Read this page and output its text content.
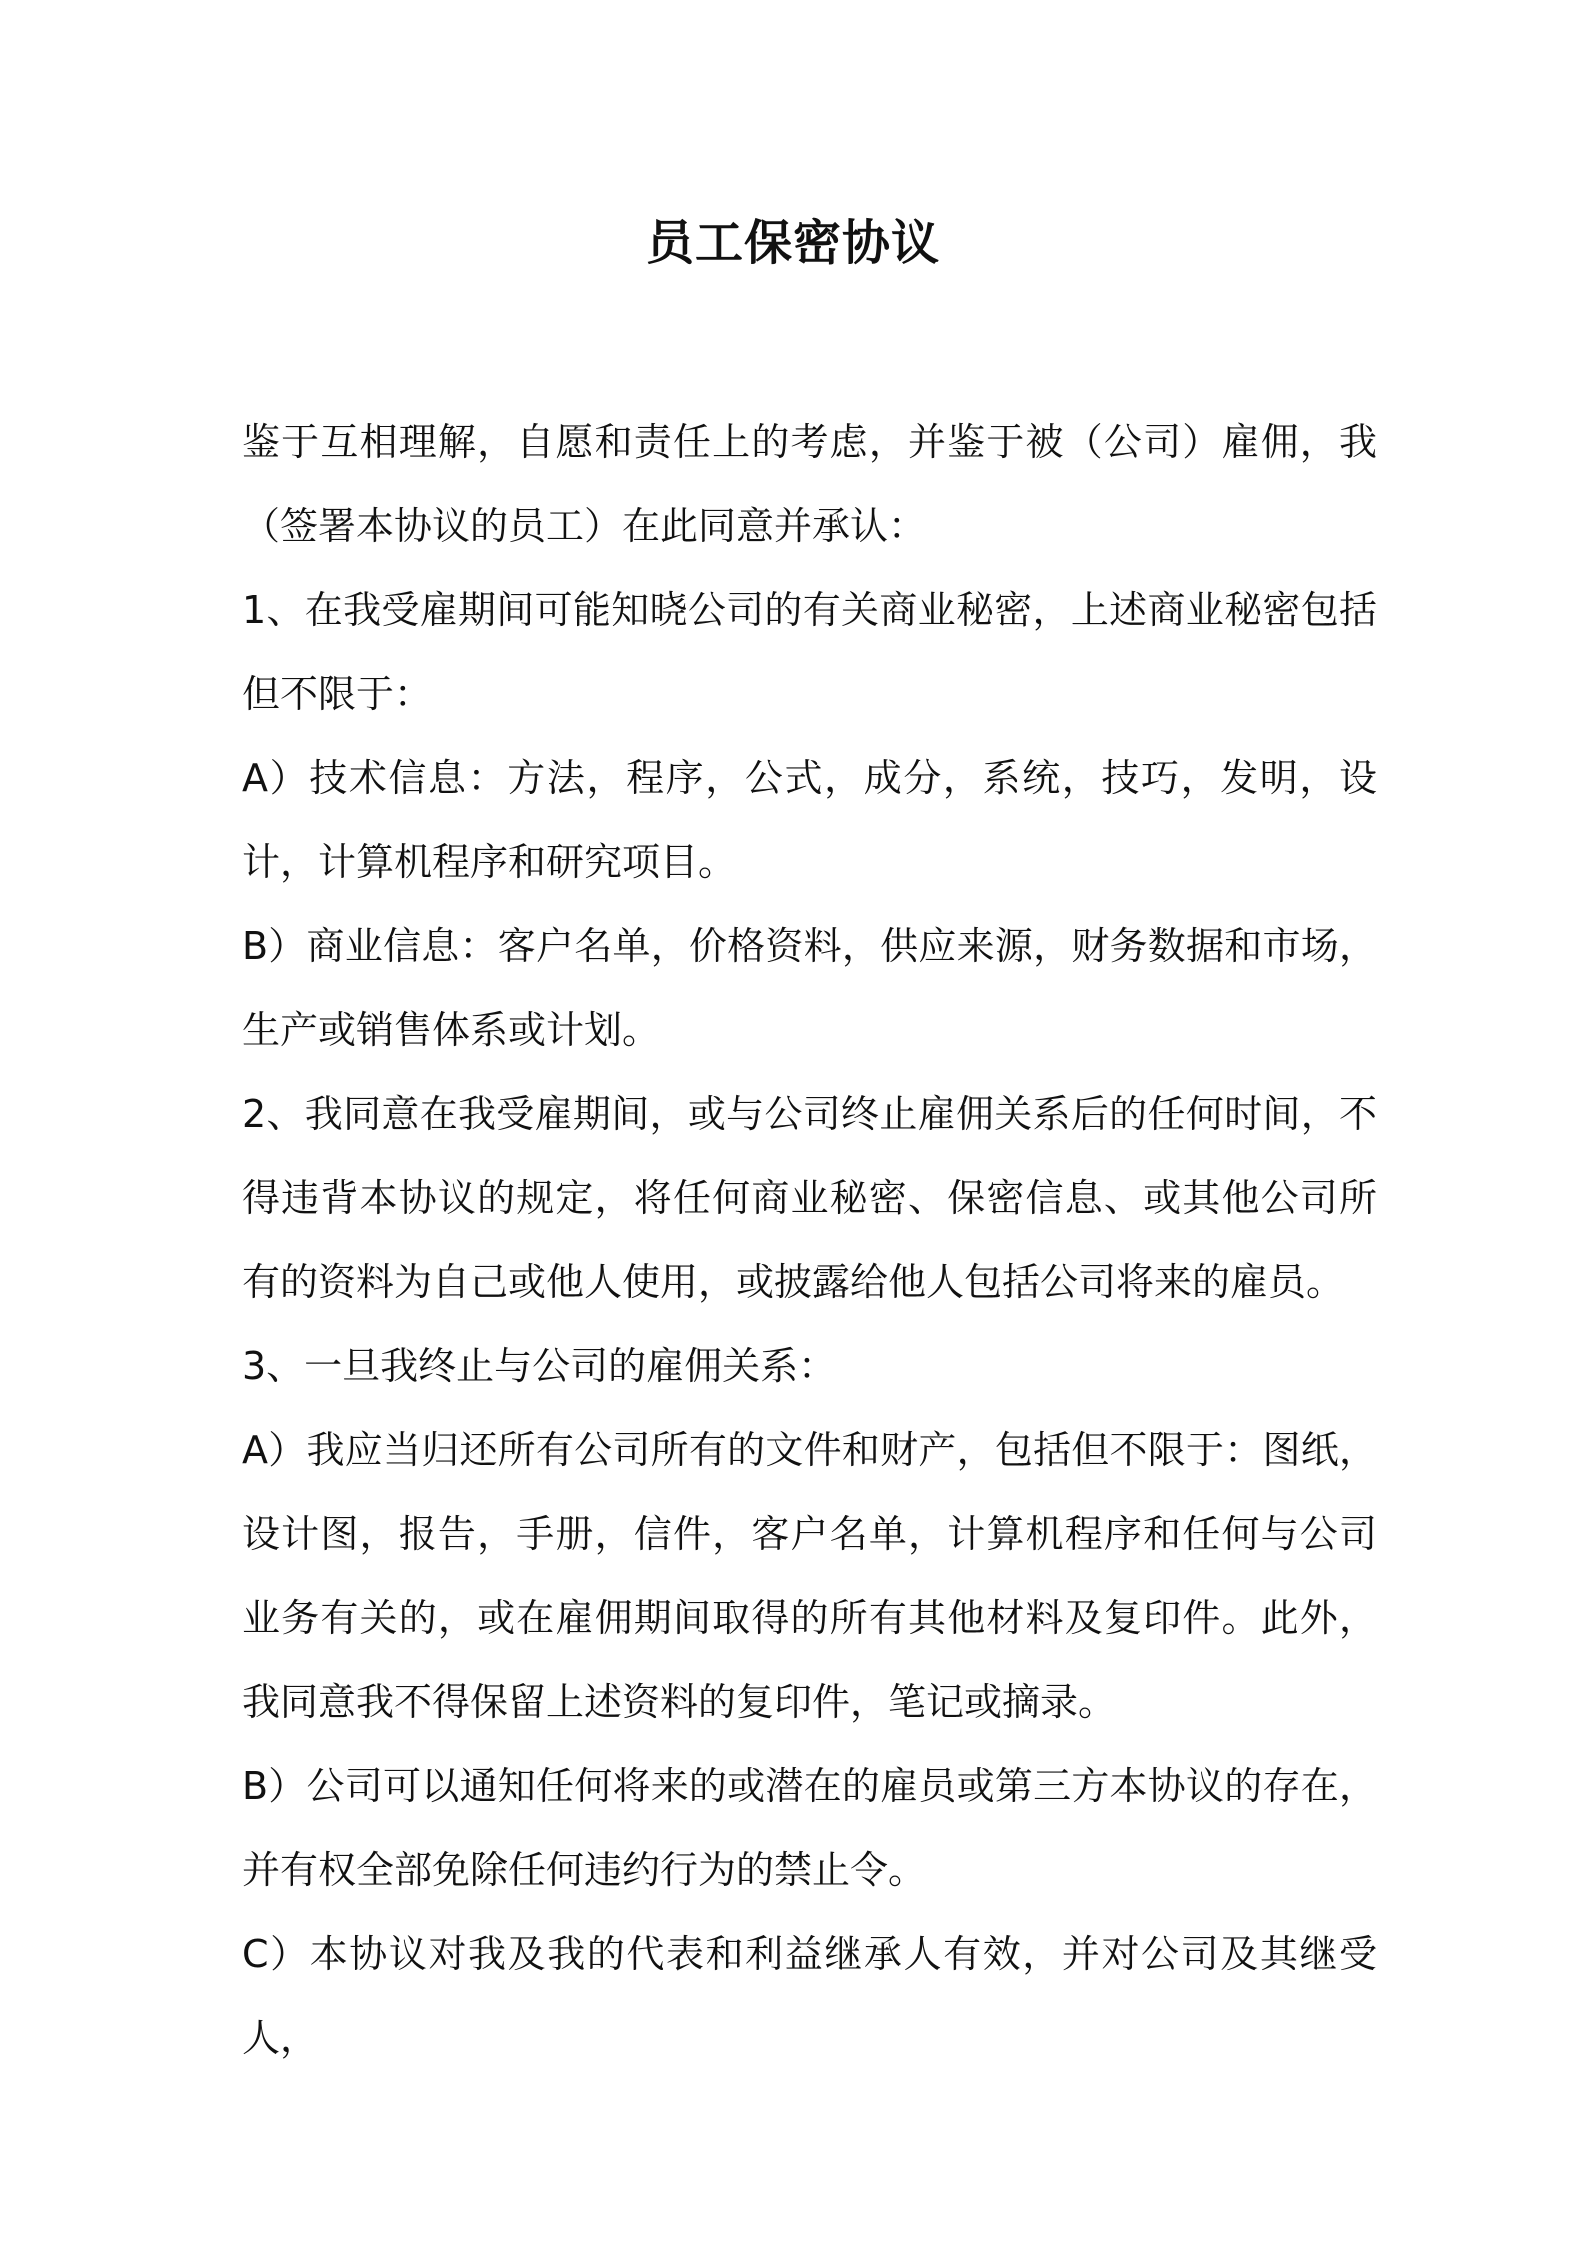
员工保密协议

鉴于互相理解，自愿和责任上的考虑，并鉴于被（公司）雇佣，我（签署本协议的员工）在此同意并承认：

1、在我受雇期间可能知晓公司的有关商业秘密，上述商业秘密包括但不限于：

A）技术信息：方法，程序，公式，成分，系统，技巧，发明，设计，计算机程序和研究项目。

B）商业信息：客户名单，价格资料，供应来源，财务数据和市场，生产或销售体系或计划。

2、我同意在我受雇期间，或与公司终止雇佣关系后的任何时间，不得违背本协议的规定，将任何商业秘密、保密信息、或其他公司所有的资料为自己或他人使用，或披露给他人包括公司将来的雇员。

3、一旦我终止与公司的雇佣关系：

A）我应当归还所有公司所有的文件和财产，包括但不限于：图纸，设计图，报告，手册，信件，客户名单，计算机程序和任何与公司业务有关的，或在雇佣期间取得的所有其他材料及复印件。此外，我同意我不得保留上述资料的复印件，笔记或摘录。

B）公司可以通知任何将来的或潜在的雇员或第三方本协议的存在，并有权全部免除任何违约行为的禁止令。

C）本协议对我及我的代表和利益继承人有效，并对公司及其继受人，
